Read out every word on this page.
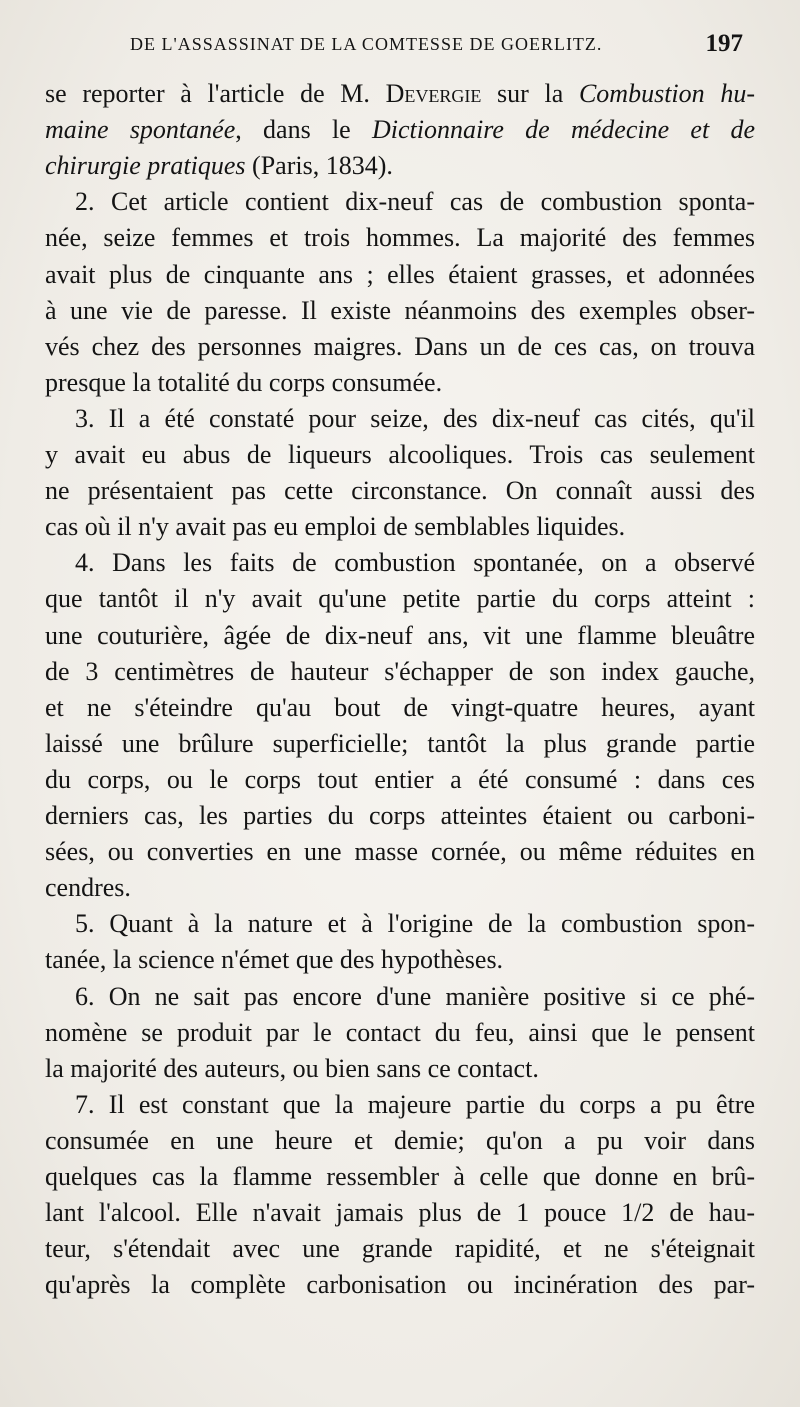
DE L'ASSASSINAT DE LA COMTESSE DE GOERLITZ.	197
se reporter à l'article de M. Devergie sur la Combustion hu-
maine spontanée, dans le Dictionnaire de médecine et de
chirurgie pratiques (Paris, 1834).
2. Cet article contient dix-neuf cas de combustion sponta-
née, seize femmes et trois hommes. La majorité des femmes
avait plus de cinquante ans ; elles étaient grasses, et adonnées
à une vie de paresse. Il existe néanmoins des exemples obser-
vés chez des personnes maigres. Dans un de ces cas, on trouva
presque la totalité du corps consumée.
3. Il a été constaté pour seize, des dix-neuf cas cités, qu'il
y avait eu abus de liqueurs alcooliques. Trois cas seulement
ne présentaient pas cette circonstance. On connaît aussi des
cas où il n'y avait pas eu emploi de semblables liquides.
4. Dans les faits de combustion spontanée, on a observé
que tantôt il n'y avait qu'une petite partie du corps atteint :
une couturière, âgée de dix-neuf ans, vit une flamme bleuâtre
de 3 centimètres de hauteur s'échapper de son index gauche,
et ne s'éteindre qu'au bout de vingt-quatre heures, ayant
laissé une brûlure superficielle; tantôt la plus grande partie
du corps, ou le corps tout entier a été consumé : dans ces
derniers cas, les parties du corps atteintes étaient ou carboni-
sées, ou converties en une masse cornée, ou même réduites en
cendres.
5. Quant à la nature et à l'origine de la combustion spon-
tanée, la science n'émet que des hypothèses.
6. On ne sait pas encore d'une manière positive si ce phé-
nomène se produit par le contact du feu, ainsi que le pensent
la majorité des auteurs, ou bien sans ce contact.
7. Il est constant que la majeure partie du corps a pu être
consumée en une heure et demie; qu'on a pu voir dans
quelques cas la flamme ressembler à celle que donne en brû-
lant l'alcool. Elle n'avait jamais plus de 1 pouce 1/2 de hau-
teur, s'étendait avec une grande rapidité, et ne s'éteignait
qu'après la complète carbonisation ou incinération des par-
